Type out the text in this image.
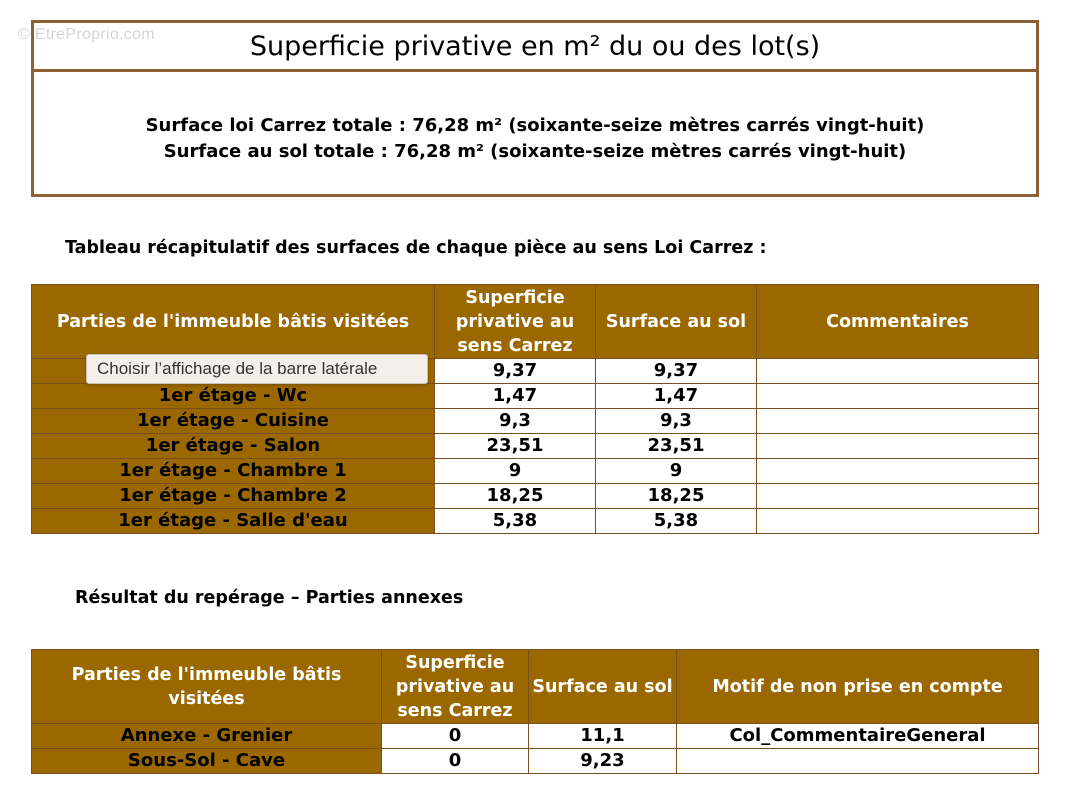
© EtreProprio.com	Superficie privative en m² du ou des lot(s)
Surface loi Carrez totale : 76,28 m² (soixante-seize mètres carrés vingt-huit)
Surface au sol totale : 76,28 m² (soixante-seize mètres carrés vingt-huit)
Tableau récapitulatif des surfaces de chaque pièce au sens Loi Carrez :
Parties de l'immeuble bâtis visitées	Superficie privative au sens Carrez	Surface au sol	Commentaires
	9,37	9,37	
1er étage - Wc	1,47	1,47	
1er étage - Cuisine	9,3	9,3	
1er étage - Salon	23,51	23,51	
1er étage - Chambre 1	9	9	
1er étage - Chambre 2	18,25	18,25	
1er étage - Salle d'eau	5,38	5,38	
Résultat du repérage – Parties annexes
Parties de l'immeuble bâtis visitées	Superficie privative au sens Carrez	Surface au sol	Motif de non prise en compte
Annexe - Grenier	0	11,1	Col_CommentaireGeneral
Sous-Sol - Cave	0	9,23	
Choisir l’affichage de la barre latérale
